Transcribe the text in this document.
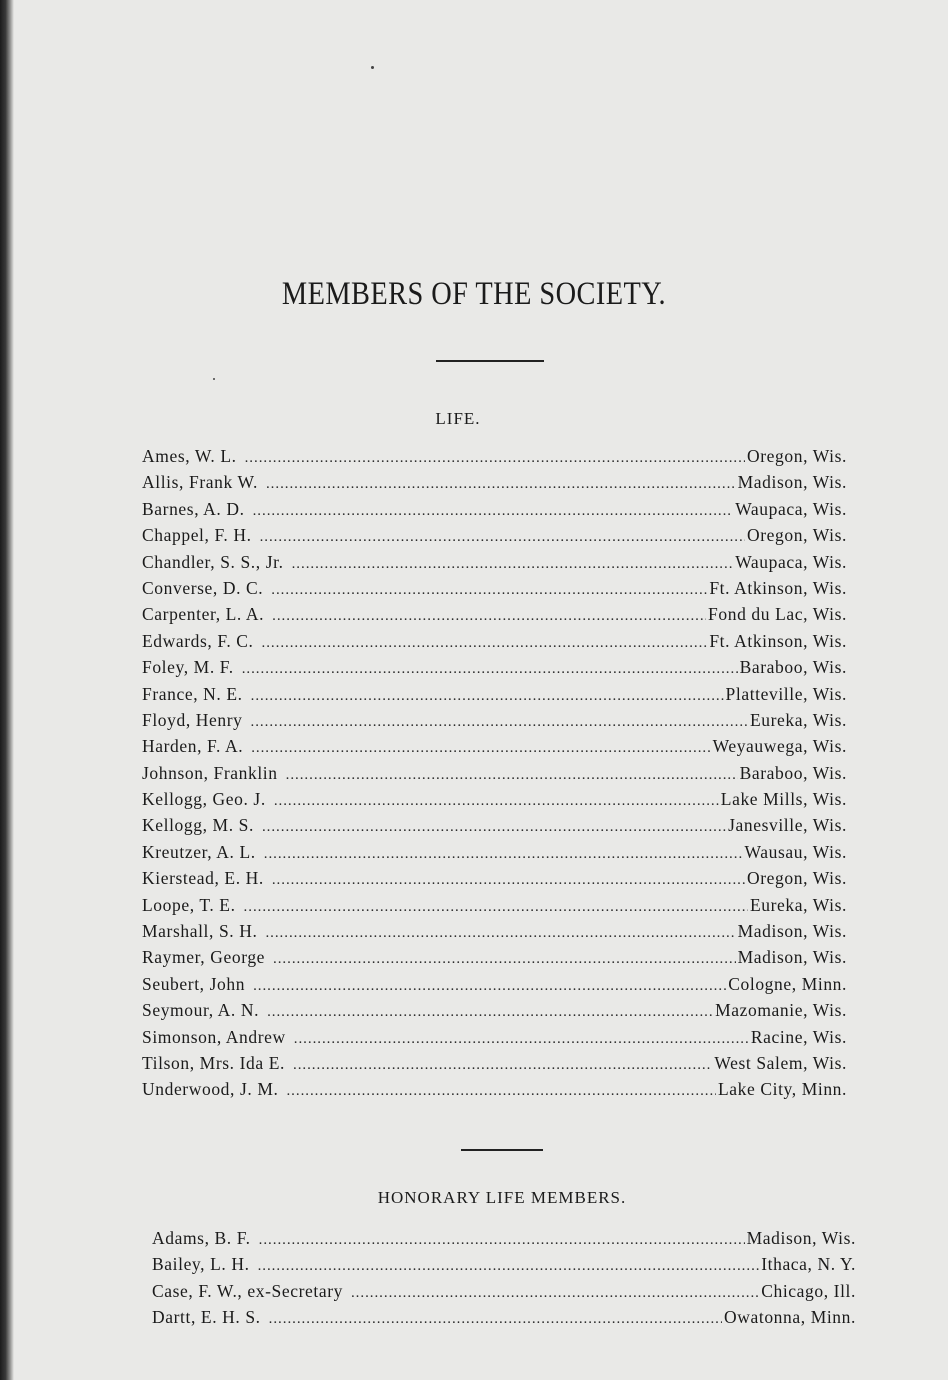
MEMBERS OF THE SOCIETY.
LIFE.
Ames, W. L. . . .	Oregon, Wis.
Allis, Frank W. . . .	Madison, Wis.
Barnes, A. D. . . .	Waupaca, Wis.
Chappel, F. H. . . .	Oregon, Wis.
Chandler, S. S., Jr. . . .	Waupaca, Wis.
Converse, D. C. . . .	Ft. Atkinson, Wis.
Carpenter, L. A. . . .	Fond du Lac, Wis.
Edwards, F. C. . . .	Ft. Atkinson, Wis.
Foley, M. F. . . .	Baraboo, Wis.
France, N. E. . . .	Platteville, Wis.
Floyd, Henry . . .	Eureka, Wis.
Harden, F. A. . . .	Weyauwega, Wis.
Johnson, Franklin . . .	Baraboo, Wis.
Kellogg, Geo. J. . . .	Lake Mills, Wis.
Kellogg, M. S. . . .	Janesville, Wis.
Kreutzer, A. L. . . .	Wausau, Wis.
Kierstead, E. H. . . .	Oregon, Wis.
Loope, T. E. . . .	Eureka, Wis.
Marshall, S. H. . . .	Madison, Wis.
Raymer, George . . .	Madison, Wis.
Seubert, John . . .	Cologne, Minn.
Seymour, A. N. . . .	Mazomanie, Wis.
Simonson, Andrew . . .	Racine, Wis.
Tilson, Mrs. Ida E. . . .	West Salem, Wis.
Underwood, J. M. . . .	Lake City, Minn.
HONORARY LIFE MEMBERS.
Adams, B. F. . . .	Madison, Wis.
Bailey, L. H. . . .	Ithaca, N. Y.
Case, F. W., ex-Secretary . . .	Chicago, Ill.
Dartt, E. H. S. . . .	Owatonna, Minn.
